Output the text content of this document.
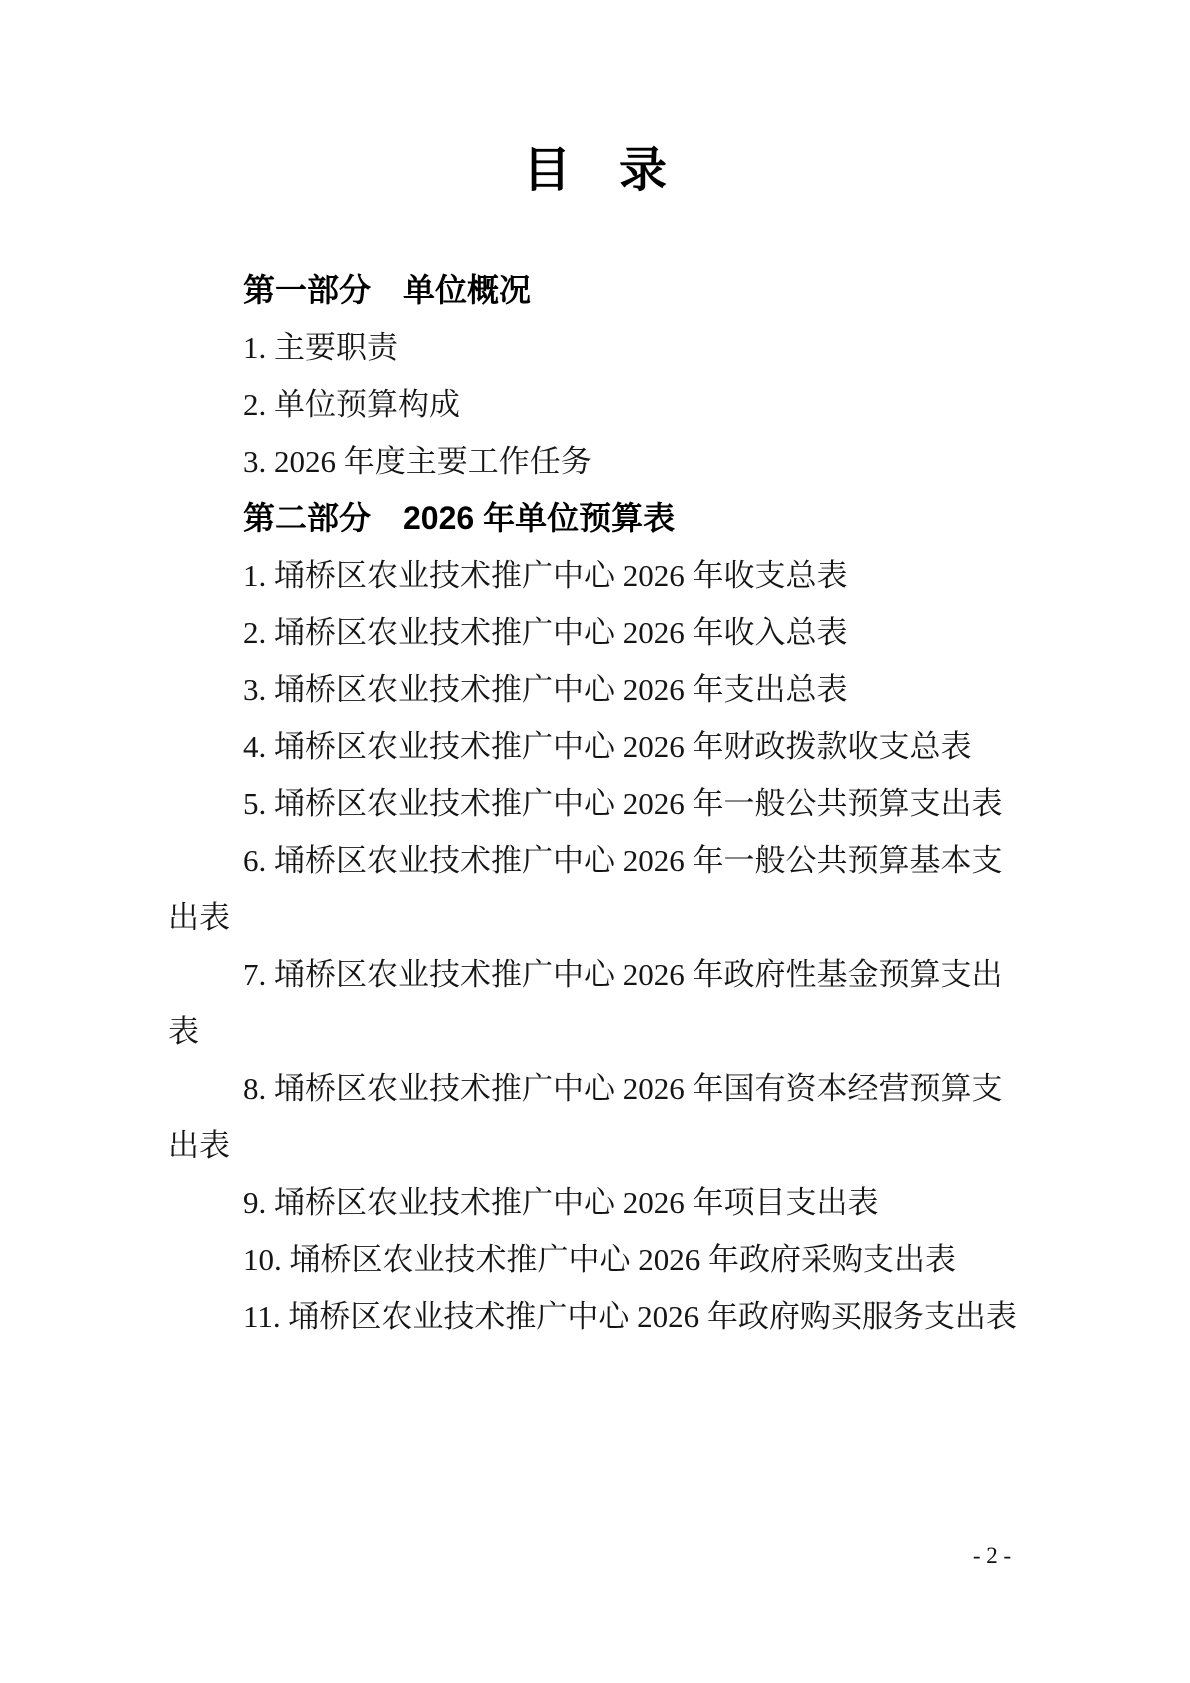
目　录
第一部分　单位概况

1. 主要职责

2. 单位预算构成

3. 2026 年度主要工作任务

第二部分　2026 年单位预算表

1. 埇桥区农业技术推广中心 2026 年收支总表

2. 埇桥区农业技术推广中心 2026 年收入总表

3. 埇桥区农业技术推广中心 2026 年支出总表

4. 埇桥区农业技术推广中心 2026 年财政拨款收支总表

5. 埇桥区农业技术推广中心 2026 年一般公共预算支出表

6. 埇桥区农业技术推广中心 2026 年一般公共预算基本支出表

7. 埇桥区农业技术推广中心 2026 年政府性基金预算支出表

8. 埇桥区农业技术推广中心 2026 年国有资本经营预算支出表

9. 埇桥区农业技术推广中心 2026 年项目支出表

10. 埇桥区农业技术推广中心 2026 年政府采购支出表

11. 埇桥区农业技术推广中心 2026 年政府购买服务支出表

- 2 -
